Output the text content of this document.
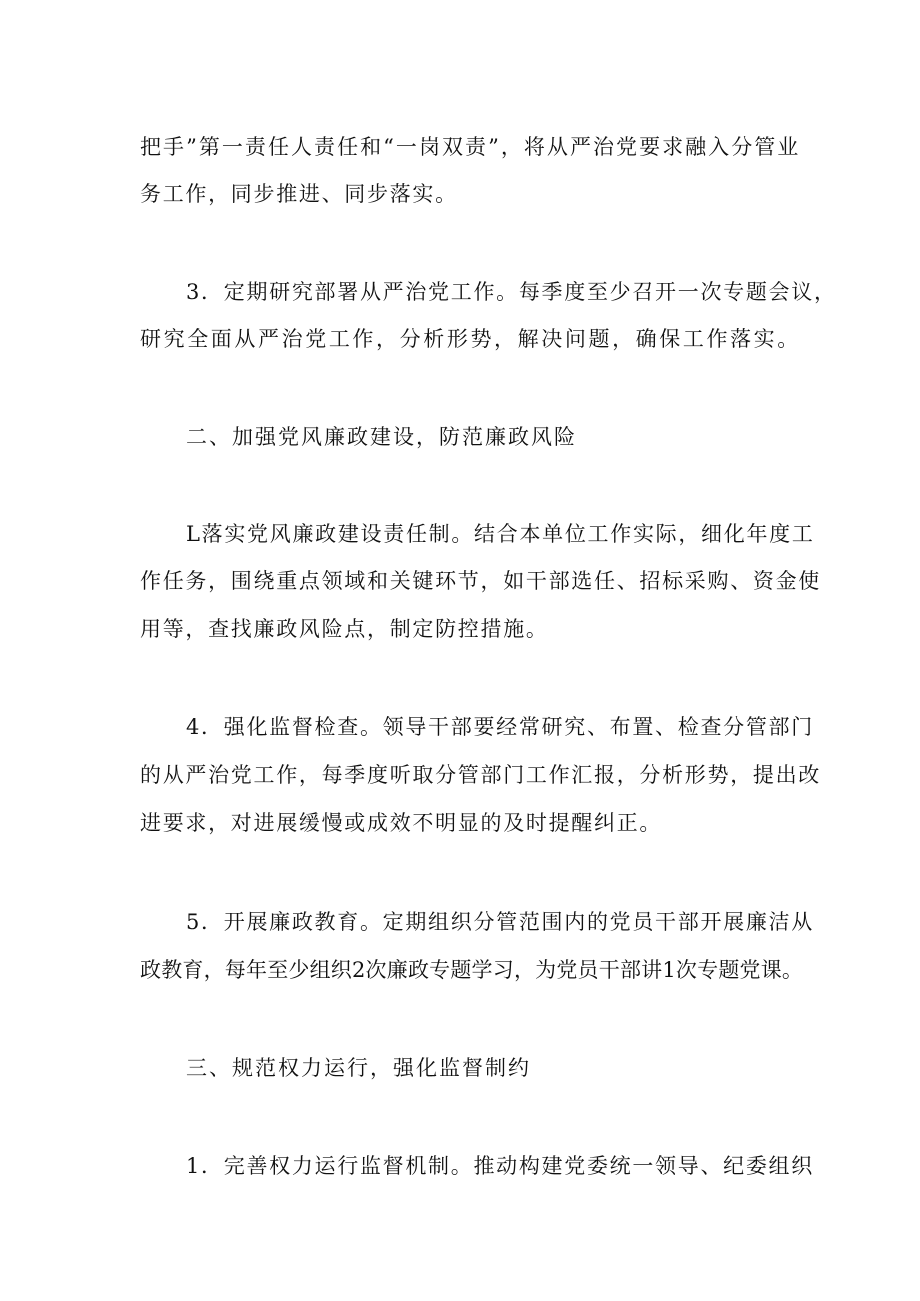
把手”第一责任人责任和“一岗双责”，将从严治党要求融入分管业
务工作，同步推进、同步落实。
3．定期研究部署从严治党工作。每季度至少召开一次专题会议，
研究全面从严治党工作，分析形势，解决问题，确保工作落实。
二、加强党风廉政建设，防范廉政风险
L落实党风廉政建设责任制。结合本单位工作实际，细化年度工
作任务，围绕重点领域和关键环节，如干部选任、招标采购、资金使
用等，查找廉政风险点，制定防控措施。
4．强化监督检查。领导干部要经常研究、布置、检查分管部门
的从严治党工作，每季度听取分管部门工作汇报，分析形势，提出改
进要求，对进展缓慢或成效不明显的及时提醒纠正。
5．开展廉政教育。定期组织分管范围内的党员干部开展廉洁从
政教育，每年至少组织2次廉政专题学习，为党员干部讲1次专题党课。
三、规范权力运行，强化监督制约
1．完善权力运行监督机制。推动构建党委统一领导、纪委组织
